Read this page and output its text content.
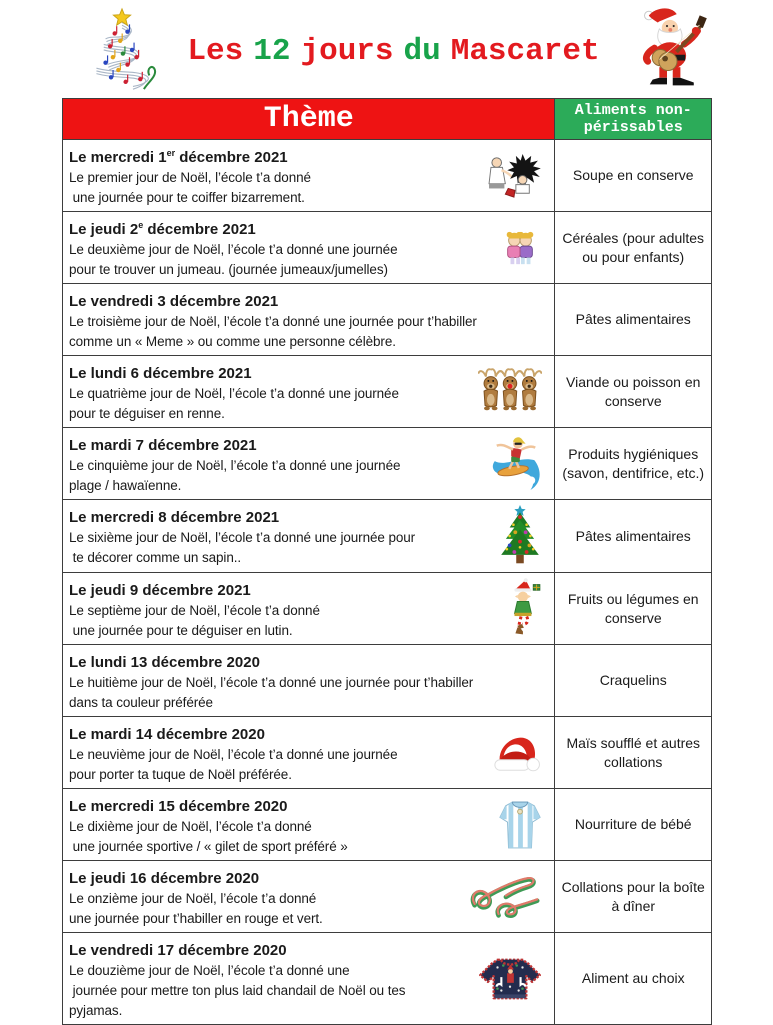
Les 12 jours du Mascaret
Thème	Aliments non-périssables
Le mercredi 1er décembre 2021
Le premier jour de Noël, l’école t’a donné
une journée pour te coiffer bizarrement.
Soupe en conserve
Le jeudi 2e décembre 2021
Le deuxième jour de Noël, l’école t’a donné une journée
pour te trouver un jumeau. (journée jumeaux/jumelles)
Céréales (pour adultes ou pour enfants)
Le vendredi 3 décembre 2021
Le troisième jour de Noël, l’école t’a donné une journée pour t’habiller
comme un « Meme » ou comme une personne célèbre.
Pâtes alimentaires
Le lundi 6 décembre 2021
Le quatrième jour de Noël, l’école t’a donné une journée
pour te déguiser en renne.
Viande ou poisson en conserve
Le mardi 7 décembre 2021
Le cinquième jour de Noël, l’école t’a donné une journée
plage / hawaïenne.
Produits hygiéniques (savon, dentifrice, etc.)
Le mercredi 8 décembre 2021
Le sixième jour de Noël, l’école t’a donné une journée pour
te décorer comme un sapin..
Pâtes alimentaires
Le jeudi 9 décembre 2021
Le septième jour de Noël, l’école t’a donné
une journée pour te déguiser en lutin.
Fruits ou légumes en conserve
Le lundi 13 décembre 2020
Le huitième jour de Noël, l’école t’a donné une journée pour t’habiller
dans ta couleur préférée
Craquelins
Le mardi 14 décembre 2020
Le neuvième jour de Noël, l’école t’a donné une journée
pour porter ta tuque de Noël préférée.
Maïs soufflé et autres collations
Le mercredi 15 décembre 2020
Le dixième jour de Noël, l’école t’a donné
une journée sportive / « gilet de sport préféré »
Nourriture de bébé
Le jeudi 16 décembre 2020
Le onzième jour de Noël, l’école t’a donné
une journée pour t’habiller en rouge et vert.
Collations pour la boîte à dîner
Le vendredi 17 décembre 2020
Le douzième jour de Noël, l’école t’a donné une
journée pour mettre ton plus laid chandail de Noël ou tes
pyjamas.
Aliment au choix
